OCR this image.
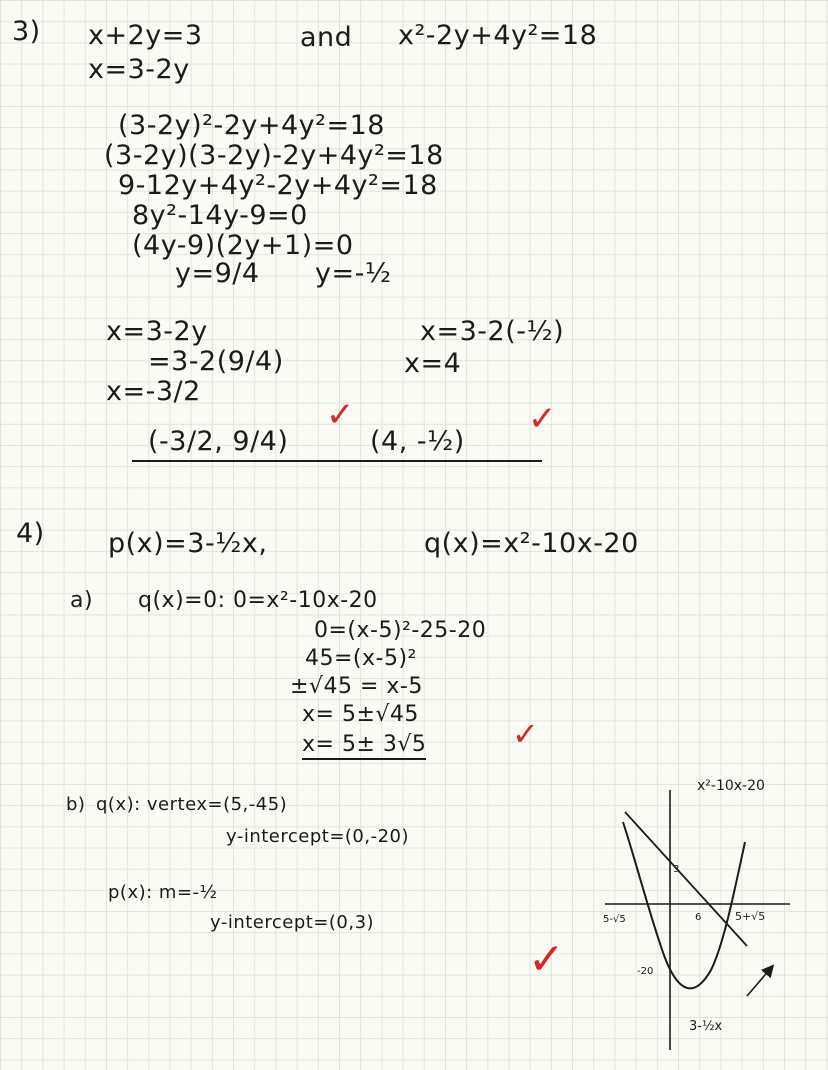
3) x+2y=3	and x²-2y+4y²=18
x=3-2y
(3-2y)²-2y+4y²=18
(3-2y)(3-2y)-2y+4y²=18
9-12y+4y²-2y+4y²=18
8y²-14y-9=0
(4y-9)(2y+1)=0
y=9/4 y=-½
x=3-2y
=3-2(9/4)
x=-3/2
x=3-2(-½)
x=4
(-3/2, 9/4)
✓
(4, -½)
✓
4) p(x)=3-½x,	q(x)=x²-10x-20
a) q(x)=0: 0=x²-10x-20
0=(x-5)²-25-20
45=(x-5)²
±√45 = x-5
x= 5±√45
x= 5± 3√5	✓
b) q(x): vertex=(5,-45)
y-intercept=(0,-20)
p(x): m=-½
y-intercept=(0,3)
✓
x²-10x-20
3
5-√5	6	5+√5
-20
3-½x
